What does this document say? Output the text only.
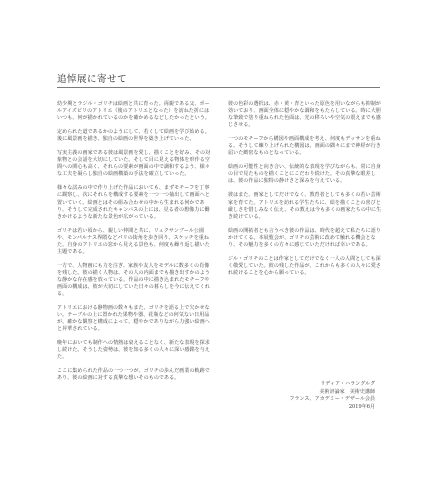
追悼展に寄せて

幼少期とラジル・ゴリチは絵画と共に育った。両親である父、ポールアイズビリのアトリエ（後のアトリエとなった）を訪ねた折にはいつも、何が描かれているのかを確かめるなどしたかったという。

定められた道であるかのようにして、若くして絵画を学び始める。後に風景画を描き、独自の絵画の世界を築き上げていった。

写実主義の画家である彼は風景画を愛し、描くことを好み、その対象物との会話を大切にしていた。そして目に見える物体を形作る空間への関心も高く、それらの要素が画面の中で調和するよう、様々な工夫を凝らし独自の絵画構築の手法を確立していった。

様々な試みの中で作り上げた作品においても、まずモチーフを丁寧に観察し、次にそれらを構成する要素を一つ一つ抽出して画面へと置いていく。絵画とはその組み合わせの中から生まれる何かであり、そうして完成されたキャンバスの上には、見る者の想像力に働きかけるような新たな景色が広がっている。

ゴリチは若い頃から、親しい仲間と共に、リュクサンブール公園や、モンパルナス界隈などパリの街角を歩き回り、スケッチを重ねた。自身のアトリエの窓から見える景色も、何度も繰り返し描いた主題である。

一方で、人物画にも力を注ぎ、家族や友人をモデルに数多くの肖像を残した。彼の描く人物は、その人の内面までも描き出すかのような静かな存在感を放っている。作品の中に描き込まれたモチーフや画面の構成は、彼が大切にしていた日々の暮らしを今に伝えてくれる。

アトリエにおける静物画の数々もまた、ゴリチを語る上で欠かせない。テーブルの上に置かれた果物や器、花瓶などの何気ない日用品が、確かな観察と構成によって、穏やかでありながら力強い絵画へと昇華されている。

晩年においても制作への情熱は衰えることなく、新たな表現を探求し続けた。そうした姿勢は、彼を知る多くの人々に深い感銘を与えた。

ここに集められた作品の一つ一つが、ゴリチの歩んだ画業の軌跡であり、彼の絵画に対する真摯な想いそのものである。

彼の色彩の選択は、赤・黄・青といった原色を用いながらも抑制が効いており、画面全体に穏やかな調和をもたらしている。時に大胆な筆致で塗り重ねられた色面は、光の移ろいや空気の震えまでも感じさせる。

一つのモチーフから構図や画面構成を考え、何度もデッサンを重ねる。そうして練り上げられた構図は、画面の隅々にまで神経が行き届いた緻密なものとなっている。

絵画の可能性と向き合い、伝統的な表現を学びながらも、常に自身の目で見たものを描くことにこだわり続けた。その真摯な眼差しは、彼の作品に独特の静けさと深みを与えている。

彼はまた、画家としてだけでなく、教育者としても多くの若い芸術家を育てた。アトリエを訪れる学生たちに、絵を描くことの喜びと厳しさを惜しみなく伝え、その教えは今も多くの画家たちの中に生き続けている。

絵画の開拓者とも言うべき彼の作品は、時代を超えて私たちに語りかけてくる。本展覧会が、ゴリチの芸術に改めて触れる機会となり、その魅力を多くの方々に感じていただければ幸いである。

ジル・ゴリチのことは作家としてだけでなく一人の人間としても深く敬愛していた。彼の残した作品が、これからも多くの人々に愛され続けることを心から願っている。

リディア・ハラングルグ
美術評論家　美術史講師
フランス、アカデミー・デザール会員
2019年6月
